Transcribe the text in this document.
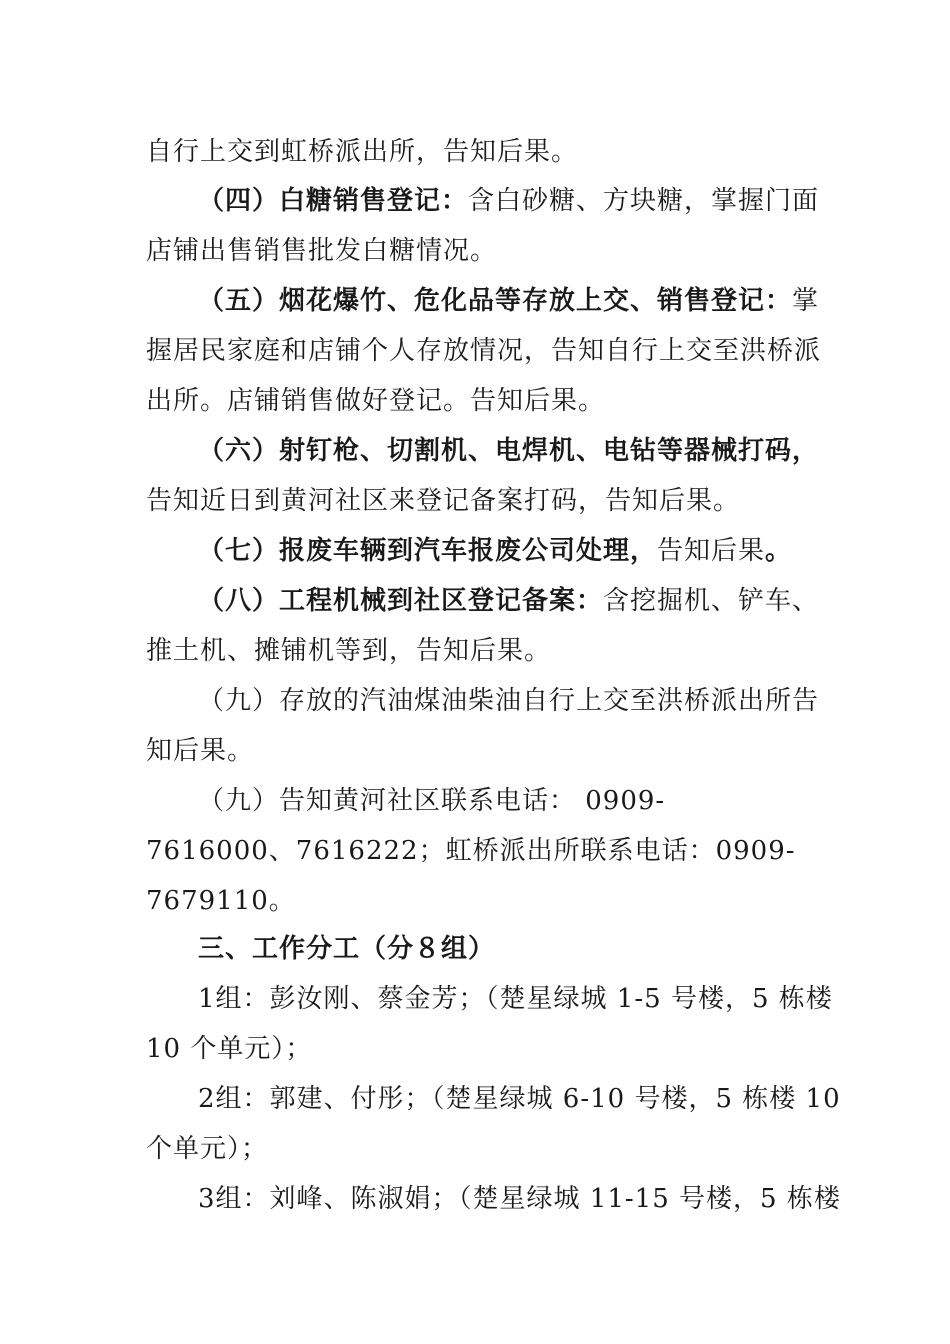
自行上交到虹桥派出所，告知后果。
（四）白糖销售登记：含白砂糖、方块糖，掌握门面
店铺出售销售批发白糖情况。
（五）烟花爆竹、危化品等存放上交、销售登记：掌
握居民家庭和店铺个人存放情况，告知自行上交至洪桥派
出所。店铺销售做好登记。告知后果。
（六）射钉枪、切割机、电焊机、电钻等器械打码，
告知近日到黄河社区来登记备案打码，告知后果。
（七）报废车辆到汽车报废公司处理，告知后果。
（八）工程机械到社区登记备案：含挖掘机、铲车、
推土机、摊铺机等到，告知后果。
（九）存放的汽油煤油柴油自行上交至洪桥派出所告
知后果。
（九）告知黄河社区联系电话： 0909-
7616000、7616222；虹桥派出所联系电话：0909-
7679110。
三、工作分工（分８组）
1组：彭汝刚、蔡金芳；（楚星绿城 1-5 号楼，5 栋楼
10 个单元）；
2组：郭建、付彤；（楚星绿城 6-10 号楼，5 栋楼 10
个单元）；
3组：刘峰、陈淑娟；（楚星绿城 11-15 号楼，5 栋楼
